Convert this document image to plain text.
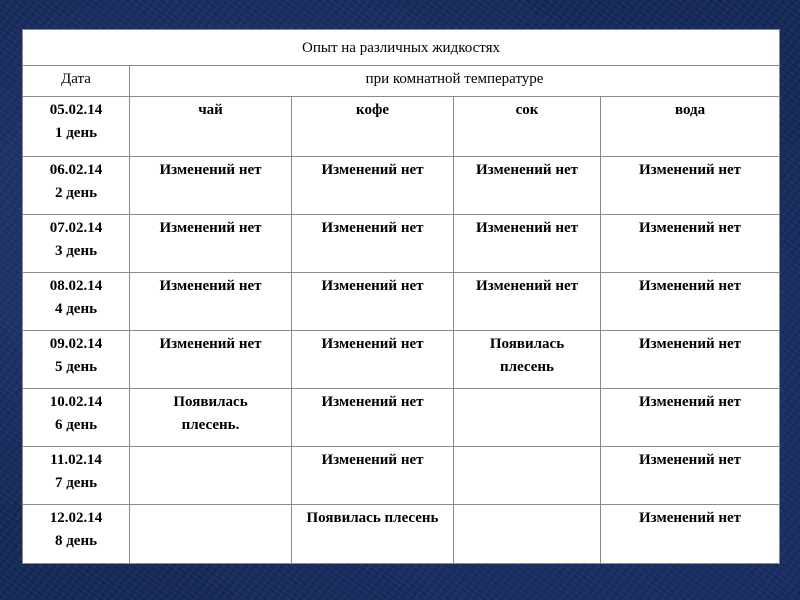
Опыт на различных жидкостях				
Дата	при комнатной температуре			

05.02.14
1 день	чай	кофе	сок	вода

06.02.14
2 день	Изменений нет	Изменений нет	Изменений нет	Изменений нет

07.02.14
3 день	Изменений нет	Изменений нет	Изменений нет	Изменений нет

08.02.14
4 день	Изменений нет	Изменений нет	Изменений нет	Изменений нет

09.02.14
5 день	Изменений нет	Изменений нет	Появилась плесень	Изменений нет

10.02.14
6 день	Появилась плесень.	Изменений нет		Изменений нет

11.02.14
7 день		Изменений нет		Изменений нет

12.02.14
8 день		Появилась плесень		Изменений нет
